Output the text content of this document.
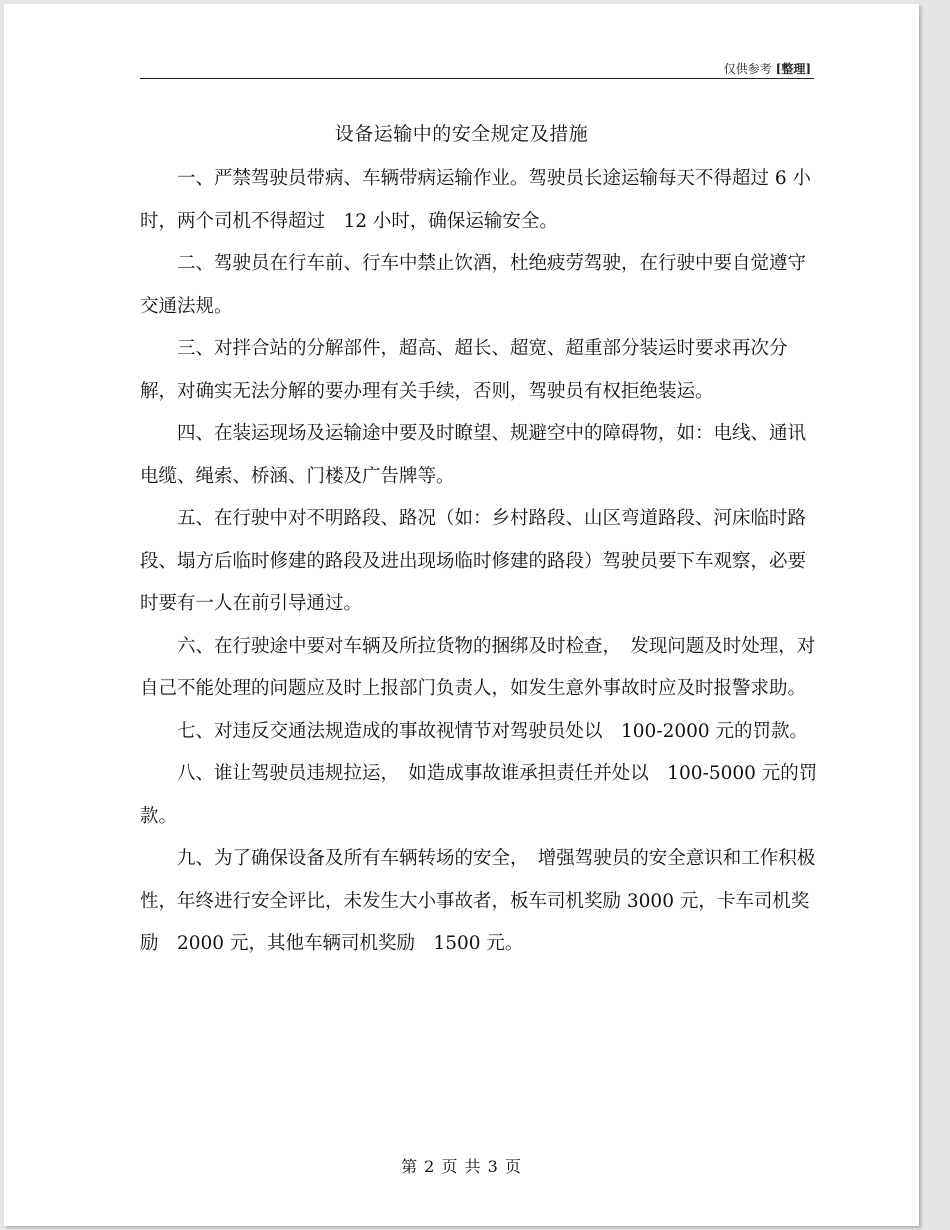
仅供参考 [整理]
设备运输中的安全规定及措施

一、严禁驾驶员带病、车辆带病运输作业。驾驶员长途运输每天不得超过 6 小时，两个司机不得超过　12 小时，确保运输安全。

二、驾驶员在行车前、行车中禁止饮酒，杜绝疲劳驾驶，在行驶中要自觉遵守交通法规。

三、对拌合站的分解部件，超高、超长、超宽、超重部分装运时要求再次分解，对确实无法分解的要办理有关手续，否则，驾驶员有权拒绝装运。

四、在装运现场及运输途中要及时瞭望、规避空中的障碍物，如：电线、通讯电缆、绳索、桥涵、门楼及广告牌等。

五、在行驶中对不明路段、路况（如：乡村路段、山区弯道路段、河床临时路段、塌方后临时修建的路段及进出现场临时修建的路段）驾驶员要下车观察，必要时要有一人在前引导通过。

六、在行驶途中要对车辆及所拉货物的捆绑及时检查，　发现问题及时处理，对自己不能处理的问题应及时上报部门负责人，如发生意外事故时应及时报警求助。

七、对违反交通法规造成的事故视情节对驾驶员处以　100-2000 元的罚款。

八、谁让驾驶员违规拉运，　如造成事故谁承担责任并处以　100-5000 元的罚款。

九、为了确保设备及所有车辆转场的安全，　增强驾驶员的安全意识和工作积极性，年终进行安全评比，未发生大小事故者，板车司机奖励 3000 元，卡车司机奖励　2000 元，其他车辆司机奖励　1500 元。

第 2 页 共 3 页
